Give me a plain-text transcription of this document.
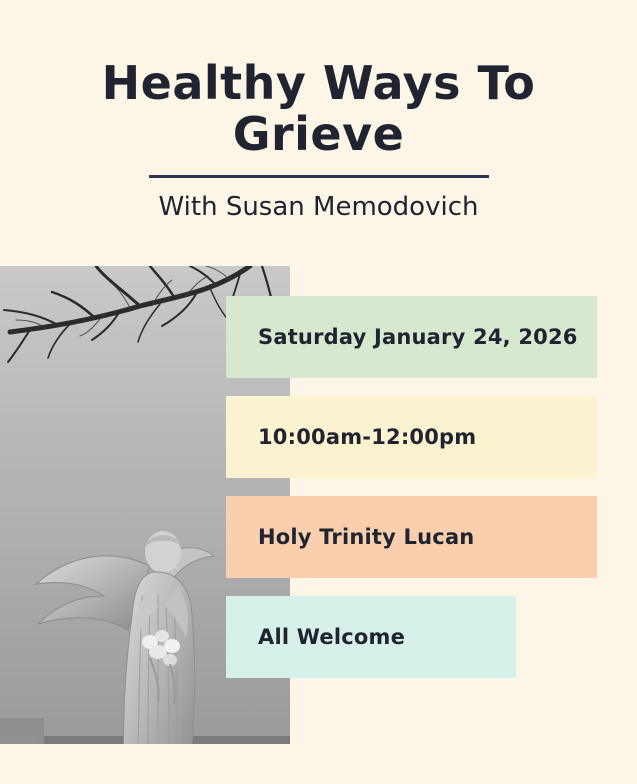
Healthy Ways To Grieve
With Susan Memodovich
Saturday January 24, 2026
10:00am-12:00pm
Holy Trinity Lucan
All Welcome
